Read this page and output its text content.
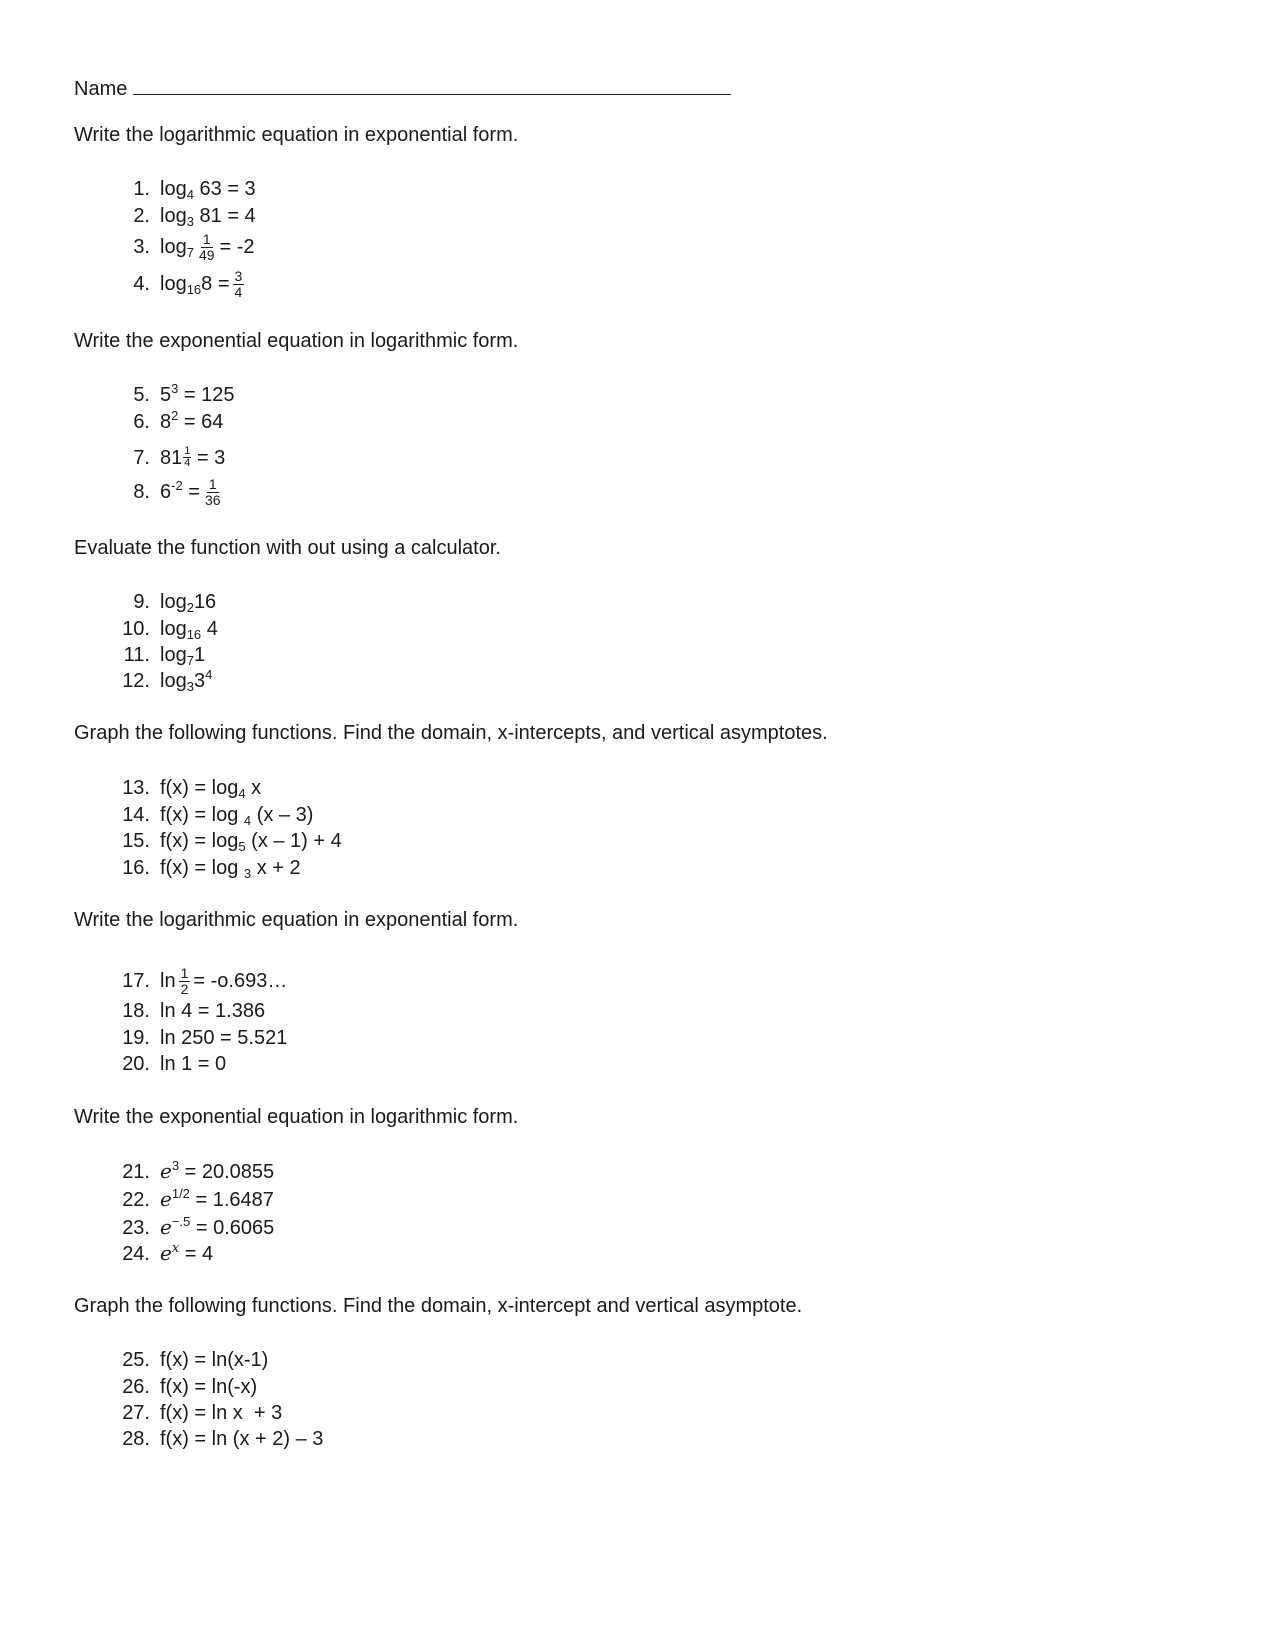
Name
Write the logarithmic equation in exponential form.
1. $\log_4 63 = 3$
2. $\log_3 81 = 4$
3. $\log_7 \frac{1}{49} = -2$
4. $\log_{16}8 = \frac{3}{4}$
Write the exponential equation in logarithmic form.
5. $5^3 = 125$
6. $8^2 = 64$
7. $81 \frac{1}{4} = 3$
8. $6^{-2} = \frac{1}{36}$
Evaluate the function with out using a calculator.
9. $\log_216$
10. $\log_{16} 4$
11. $\log_71$
12. $\log_33^4$
Graph the following functions. Find the domain, x-intercepts, and vertical asymptotes.
13. $f(x) = \log_4 x$
14. f(x) = log $_4$ (x – 3)
15. $f(x) = \log_5 (x - 1) + 4$
16. f(x) = log $_3$ x + 2
Write the logarithmic equation in exponential form.
17. $\ln \frac{1}{2}$ = -o.693…
18. ln 4 = 1.386
19. ln 250 = 5.521
20. ln 1 = 0
Write the exponential equation in logarithmic form.
21. $e^3 = 20.0855$
22. $e^{1/2} = 1.6487$
23. $e^{-.5} = 0.6065$
24. $e^x = 4$
Graph the following functions. Find the domain, x-intercept and vertical asymptote.
25. f(x) = ln(x-1)
26. f(x) = ln(-x)
27. f(x) = ln x  + 3
28. f(x) = ln (x + 2) – 3
